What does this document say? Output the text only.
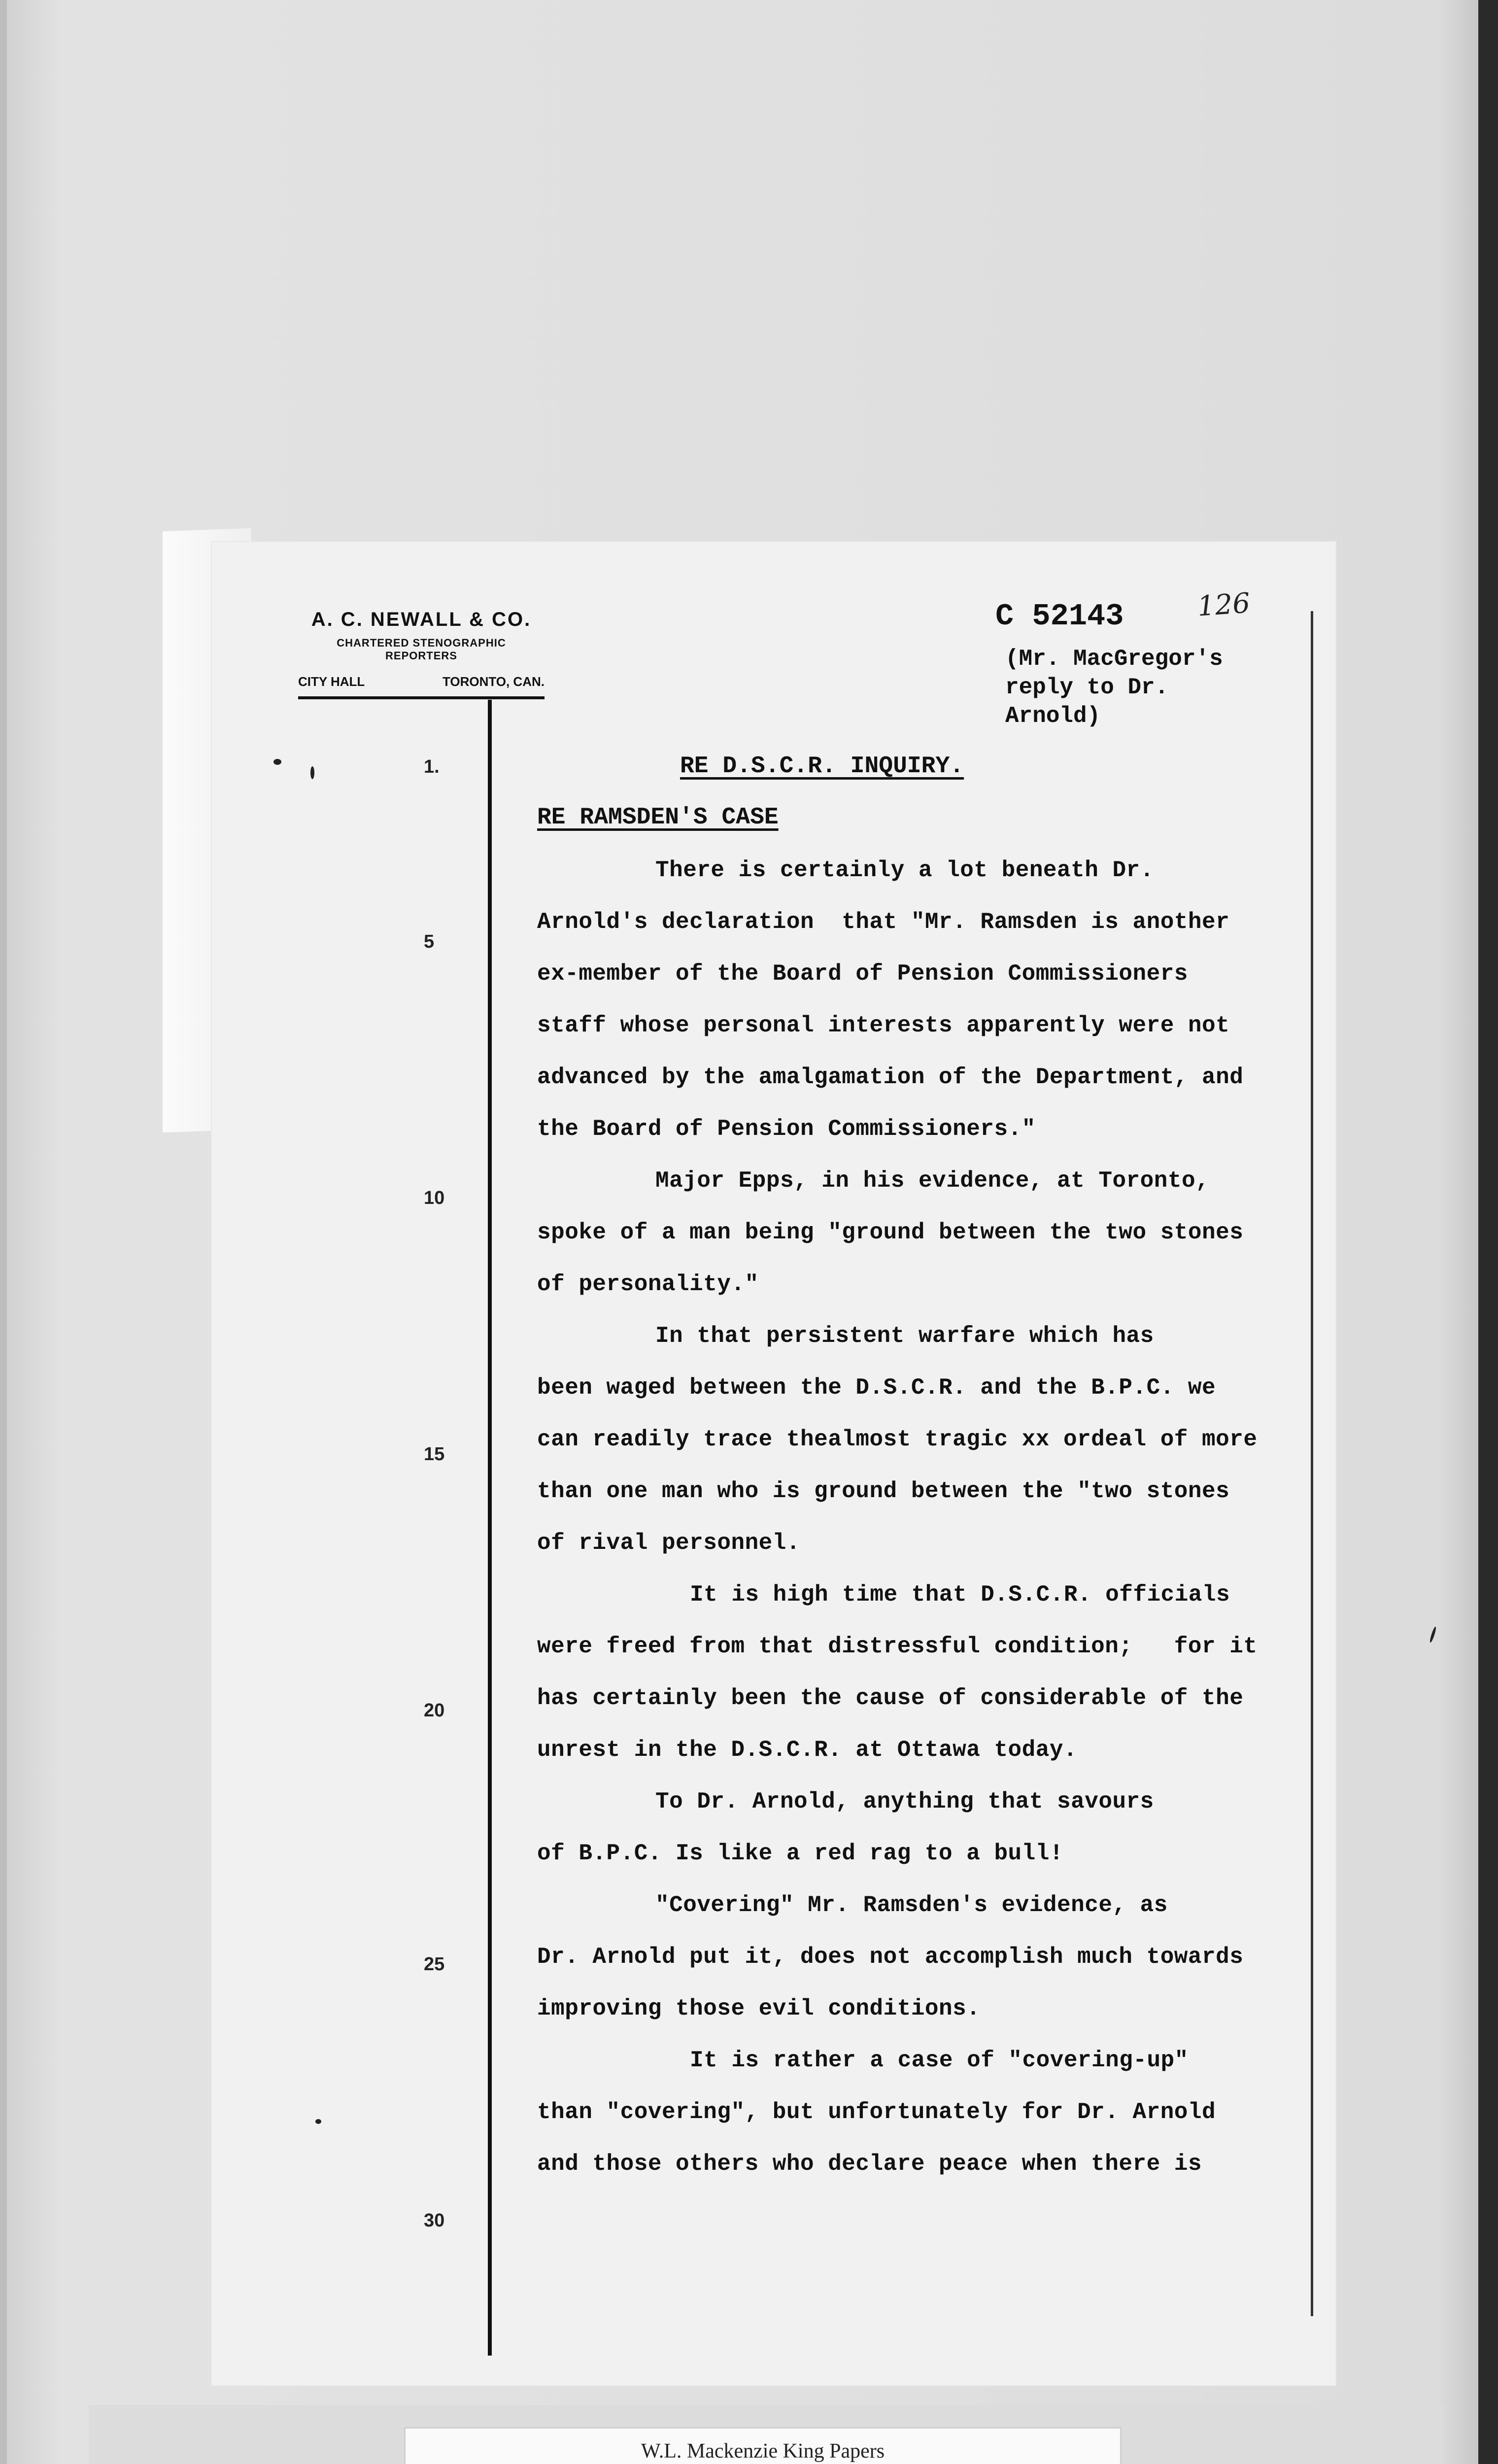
A. C. NEWALL & CO.
CHARTERED STENOGRAPHIC
REPORTERS
CITY HALL	TORONTO, CAN.
C 52143	126
(Mr. MacGregor's
reply to Dr.
Arnold)
1.
5
10
15
20
25
30
RE D.S.C.R. INQUIRY.
RE RAMSDEN'S CASE
There is certainly a lot beneath Dr.
Arnold's declaration  that "Mr. Ramsden is another
ex-member of the Board of Pension Commissioners
staff whose personal interests apparently were not
advanced by the amalgamation of the Department, and
the Board of Pension Commissioners."
Major Epps, in his evidence, at Toronto,
spoke of a man being "ground between the two stones
of personality."
In that persistent warfare which has
been waged between the D.S.C.R. and the B.P.C. we
can readily trace thealmost tragic xx ordeal of more
than one man who is ground between the "two stones
of rival personnel.
It is high time that D.S.C.R. officials
were freed from that distressful condition;   for it
has certainly been the cause of considerable of the
unrest in the D.S.C.R. at Ottawa today.
To Dr. Arnold, anything that savours
of B.P.C. Is like a red rag to a bull!
"Covering" Mr. Ramsden's evidence, as
Dr. Arnold put it, does not accomplish much towards
improving those evil conditions.
It is rather a case of "covering-up"
than "covering", but unfortunately for Dr. Arnold
and those others who declare peace when there is
W.L. Mackenzie King Papers
